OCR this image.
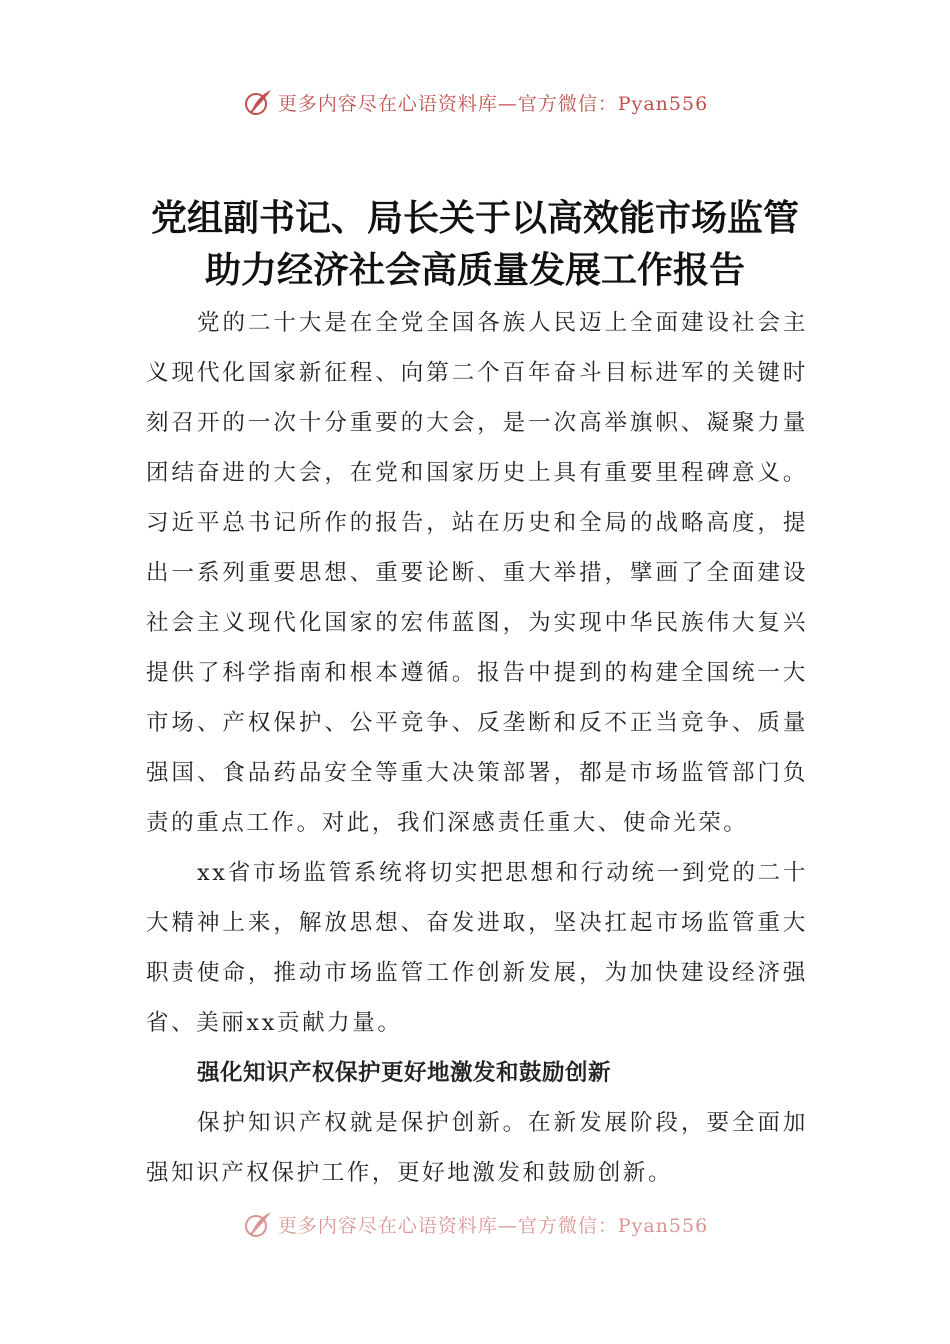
更多内容尽在心语资料库—官方微信：Pyan556
党组副书记、局长关于以高效能市场监管
助力经济社会高质量发展工作报告

党的二十大是在全党全国各族人民迈上全面建设社会主义现代化国家新征程、向第二个百年奋斗目标进军的关键时刻召开的一次十分重要的大会，是一次高举旗帜、凝聚力量团结奋进的大会，在党和国家历史上具有重要里程碑意义。习近平总书记所作的报告，站在历史和全局的战略高度，提出一系列重要思想、重要论断、重大举措，擘画了全面建设社会主义现代化国家的宏伟蓝图，为实现中华民族伟大复兴提供了科学指南和根本遵循。报告中提到的构建全国统一大市场、产权保护、公平竞争、反垄断和反不正当竞争、质量强国、食品药品安全等重大决策部署，都是市场监管部门负责的重点工作。对此，我们深感责任重大、使命光荣。

xx省市场监管系统将切实把思想和行动统一到党的二十大精神上来，解放思想、奋发进取，坚决扛起市场监管重大职责使命，推动市场监管工作创新发展，为加快建设经济强省、美丽xx贡献力量。

强化知识产权保护更好地激发和鼓励创新

保护知识产权就是保护创新。在新发展阶段，要全面加强知识产权保护工作，更好地激发和鼓励创新。

更多内容尽在心语资料库—官方微信：Pyan556
